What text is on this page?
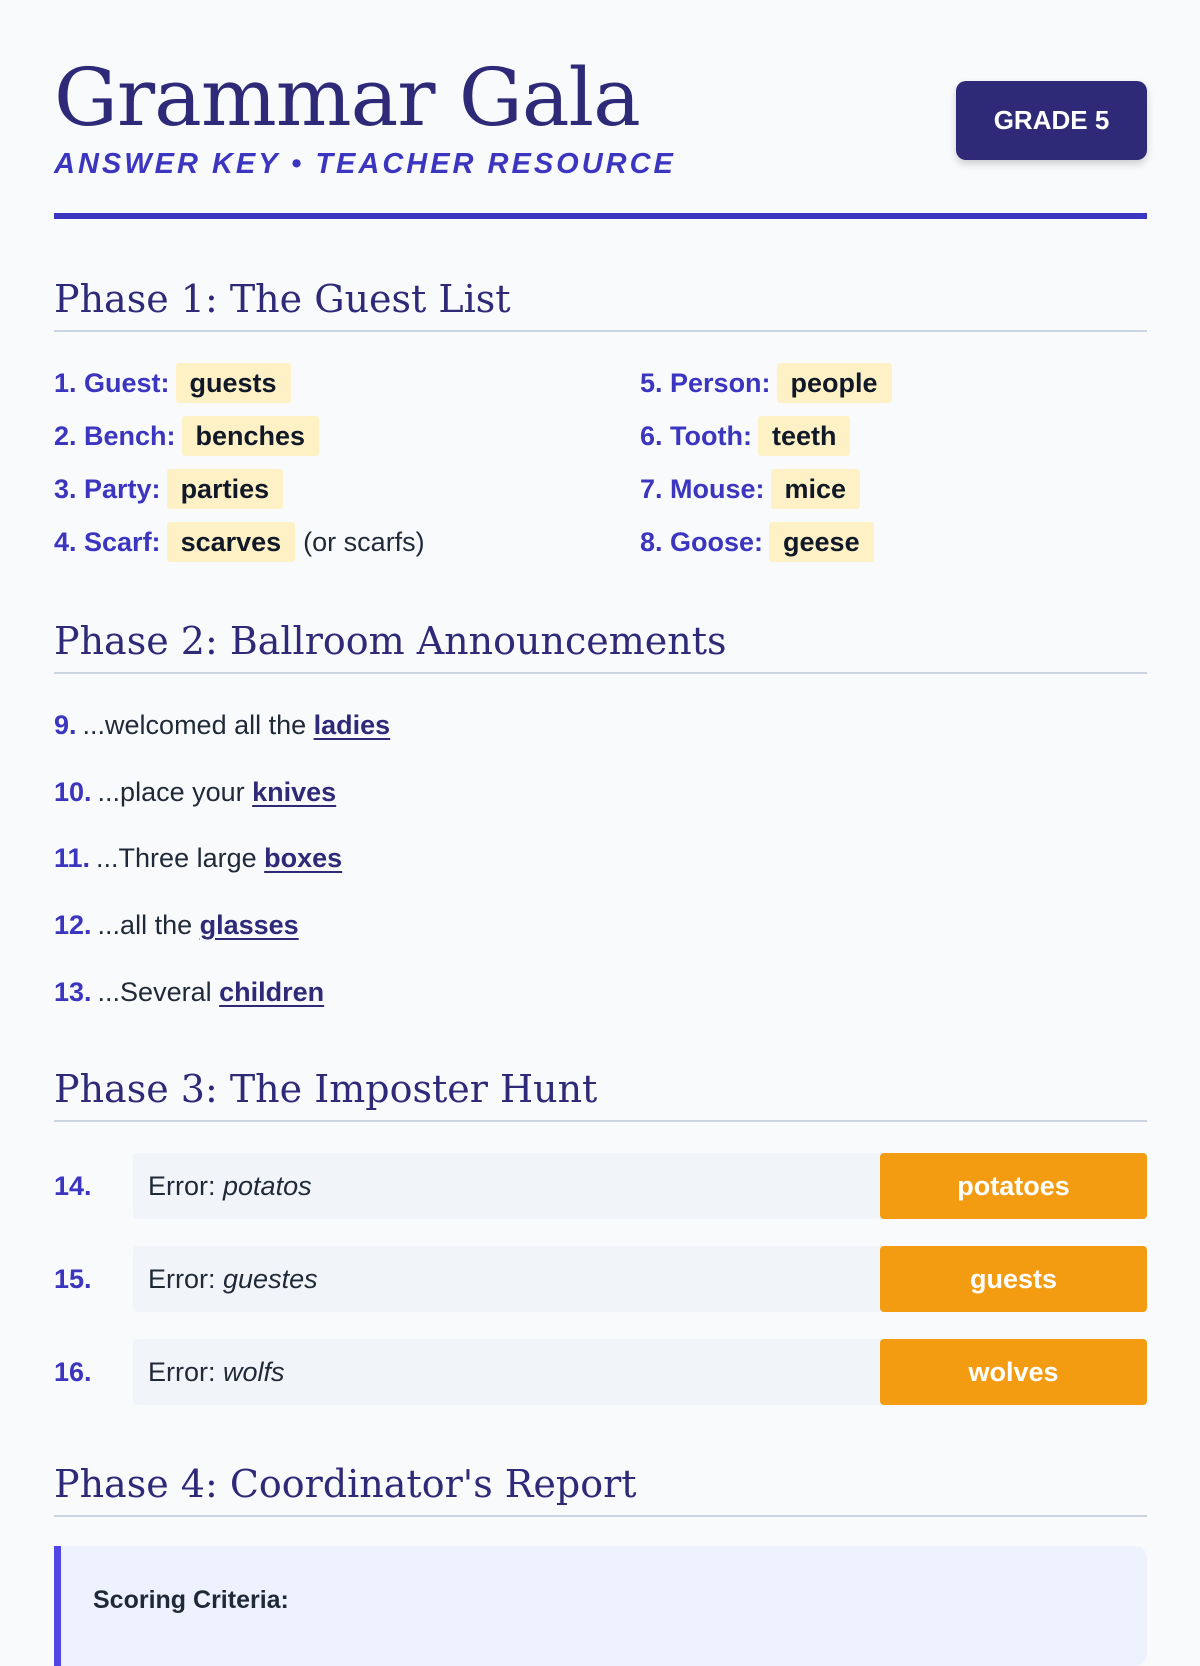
Grammar Gala
ANSWER KEY • TEACHER RESOURCE
GRADE 5
Phase 1: The Guest List
1. Guest: guests
2. Bench: benches
3. Party: parties
4. Scarf: scarves (or scarfs)
5. Person: people
6. Tooth: teeth
7. Mouse: mice
8. Goose: geese
Phase 2: Ballroom Announcements
9. ...welcomed all the ladies
10. ...place your knives
11. ...Three large boxes
12. ...all the glasses
13. ...Several children
Phase 3: The Imposter Hunt
14.	Error: potatos	potatoes
15.	Error: guestes	guests
16.	Error: wolfs	wolves
Phase 4: Coordinator's Report
Scoring Criteria:
